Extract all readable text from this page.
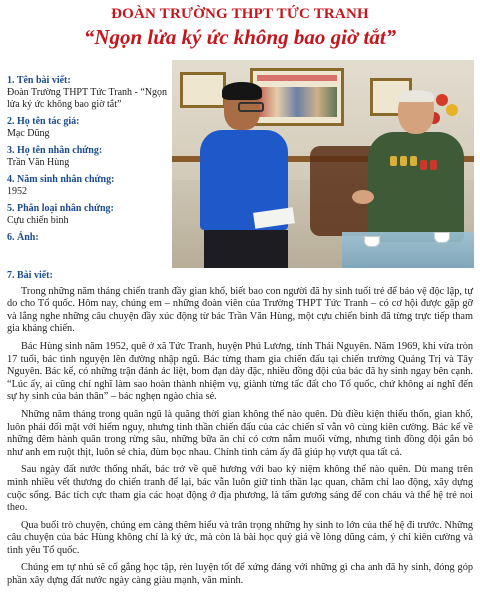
ĐOÀN TRƯỜNG THPT TỨC TRANH
“Ngọn lửa ký ức không bao giờ tắt”
1. Tên bài viết:
Đoàn Trường THPT Tức Tranh - “Ngọn lửa ký ức không bao giờ tắt”
2. Họ tên tác giả:
Mạc Dũng
3. Họ tên nhân chứng:
Trần Văn Hùng
4. Năm sinh nhân chứng:
1952
5. Phân loại nhân chứng:
Cựu chiến binh
6. Ảnh:
7. Bài viết:

Trong những năm tháng chiến tranh đầy gian khổ, biết bao con người đã hy sinh tuổi trẻ để bảo vệ độc lập, tự do cho Tổ quốc. Hôm nay, chúng em – những đoàn viên của Trường THPT Tức Tranh – có cơ hội được gặp gỡ và lắng nghe những câu chuyện đầy xúc động từ bác Trần Văn Hùng, một cựu chiến binh đã từng trực tiếp tham gia kháng chiến.

Bác Hùng sinh năm 1952, quê ở xã Tức Tranh, huyện Phú Lương, tỉnh Thái Nguyên. Năm 1969, khi vừa tròn 17 tuổi, bác tình nguyện lên đường nhập ngũ. Bác từng tham gia chiến đấu tại chiến trường Quảng Trị và Tây Nguyên. Bác kể, có những trận đánh ác liệt, bom đạn dày đặc, nhiều đồng đội của bác đã hy sinh ngay bên cạnh. “Lúc ấy, ai cũng chỉ nghĩ làm sao hoàn thành nhiệm vụ, giành từng tấc đất cho Tổ quốc, chứ không ai nghĩ đến sự hy sinh của bản thân” – bác nghẹn ngào chia sẻ.

Những năm tháng trong quân ngũ là quãng thời gian không thể nào quên. Dù điều kiện thiếu thốn, gian khổ, luôn phải đối mặt với hiểm nguy, nhưng tinh thần chiến đấu của các chiến sĩ vẫn vô cùng kiên cường. Bác kể về những đêm hành quân trong rừng sâu, những bữa ăn chỉ có cơm nắm muối vừng, nhưng tình đồng đội gắn bó như anh em ruột thịt, luôn sẻ chia, đùm bọc nhau. Chính tình cảm ấy đã giúp họ vượt qua tất cả.

Sau ngày đất nước thống nhất, bác trở về quê hương với bao kỷ niệm không thể nào quên. Dù mang trên mình nhiều vết thương do chiến tranh để lại, bác vẫn luôn giữ tinh thần lạc quan, chăm chỉ lao động, xây dựng cuộc sống. Bác tích cực tham gia các hoạt động ở địa phương, là tấm gương sáng để con cháu và thế hệ trẻ noi theo.

Qua buổi trò chuyện, chúng em càng thêm hiểu và trân trọng những hy sinh to lớn của thế hệ đi trước. Những câu chuyện của bác Hùng không chỉ là ký ức, mà còn là bài học quý giá về lòng dũng cảm, ý chí kiên cường và tình yêu Tổ quốc.

Chúng em tự nhủ sẽ cố gắng học tập, rèn luyện tốt để xứng đáng với những gì cha anh đã hy sinh, đóng góp phần xây dựng đất nước ngày càng giàu mạnh, văn minh.
